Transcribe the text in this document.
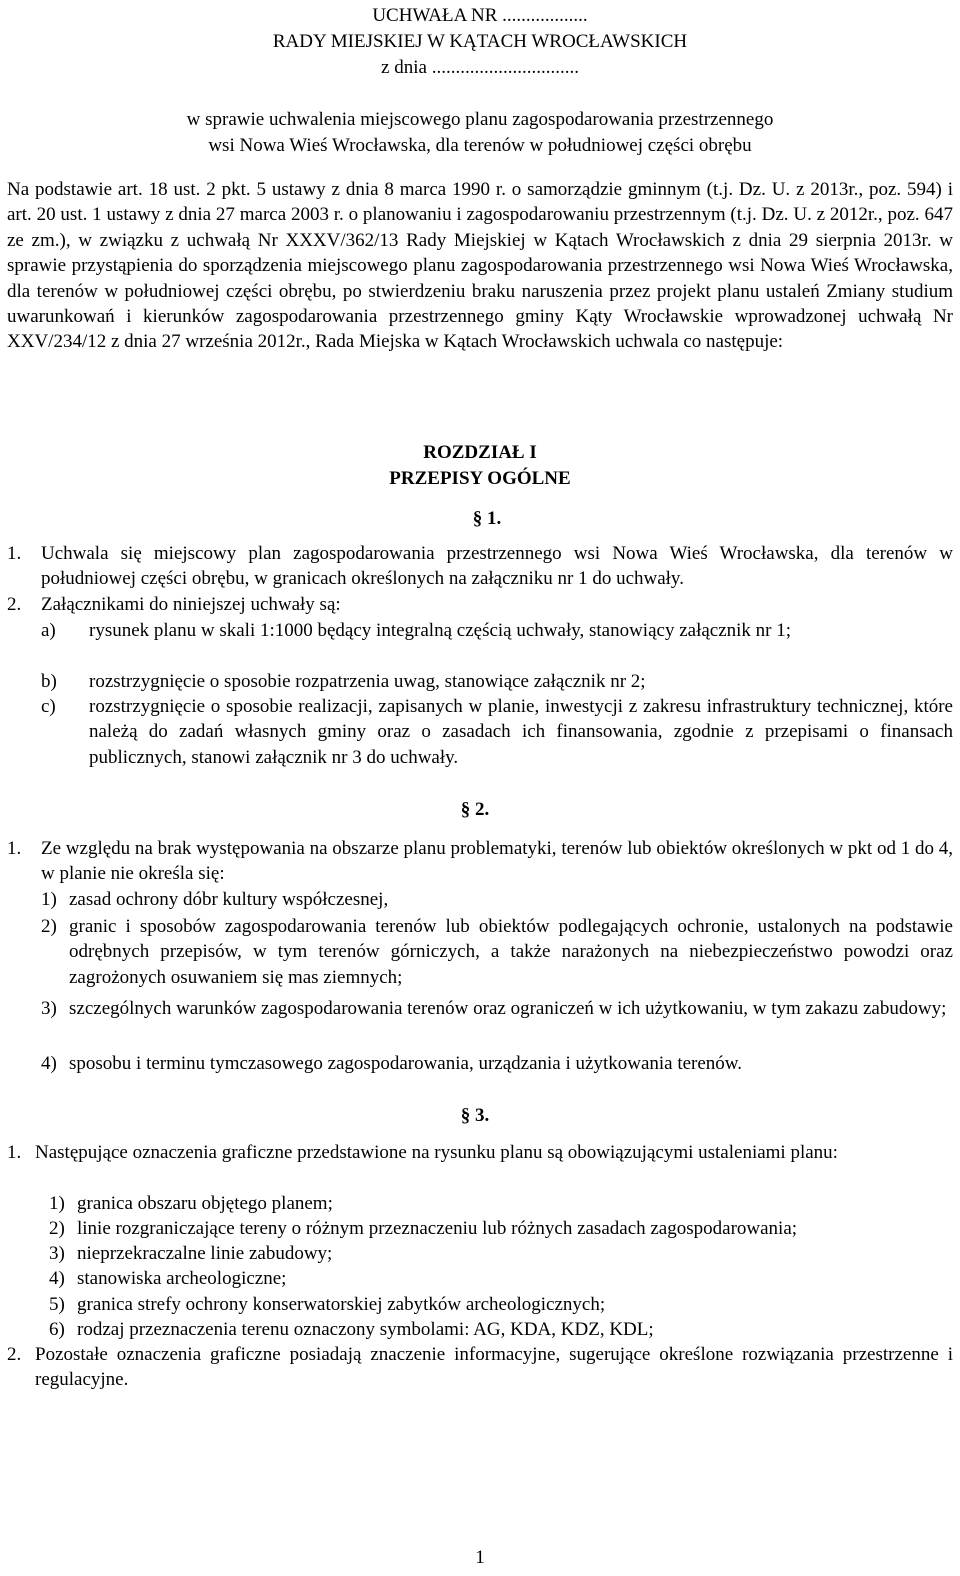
UCHWAŁA NR ..................
RADY MIEJSKIEJ W KĄTACH WROCŁAWSKICH
z dnia ...............................
w sprawie uchwalenia miejscowego planu zagospodarowania przestrzennego
wsi Nowa Wieś Wrocławska, dla terenów w południowej części obrębu
Na podstawie art. 18 ust. 2 pkt. 5 ustawy z dnia 8 marca 1990 r. o samorządzie gminnym (t.j. Dz. U. z 2013r., poz. 594) i art. 20 ust. 1 ustawy z dnia 27 marca 2003 r. o planowaniu i zagospodarowaniu przestrzennym (t.j. Dz. U. z 2012r., poz. 647 ze zm.), w związku z uchwałą Nr XXXV/362/13 Rady Miejskiej w Kątach Wrocławskich z dnia 29 sierpnia 2013r. w sprawie przystąpienia do sporządzenia miejscowego planu zagospodarowania przestrzennego wsi Nowa Wieś Wrocławska, dla terenów w południowej części obrębu, po stwierdzeniu braku naruszenia przez projekt planu ustaleń Zmiany studium uwarunkowań i kierunków zagospodarowania przestrzennego gminy Kąty Wrocławskie wprowadzonej uchwałą Nr XXV/234/12 z dnia 27 września 2012r., Rada Miejska w Kątach Wrocławskich uchwala co następuje:
ROZDZIAŁ I
PRZEPISY OGÓLNE
§ 1.
1.	Uchwala się miejscowy plan zagospodarowania przestrzennego wsi Nowa Wieś Wrocławska, dla terenów w południowej części obrębu, w granicach określonych na załączniku nr 1 do uchwały.
2.	Załącznikami do niniejszej uchwały są:
a)	rysunek planu w skali 1:1000 będący integralną częścią uchwały, stanowiący załącznik nr 1;
b)	rozstrzygnięcie o sposobie rozpatrzenia uwag, stanowiące załącznik nr 2;
c)	rozstrzygnięcie o sposobie realizacji, zapisanych w planie, inwestycji z zakresu infrastruktury technicznej, które należą do zadań własnych gminy oraz o zasadach ich finansowania, zgodnie z przepisami o finansach publicznych, stanowi załącznik nr 3 do uchwały.
§ 2.
1.	Ze względu na brak występowania na obszarze planu problematyki, terenów lub obiektów określonych w pkt od 1 do 4, w planie nie określa się:
1) zasad ochrony dóbr kultury współczesnej,
2) granic i sposobów zagospodarowania terenów lub obiektów podlegających ochronie, ustalonych na podstawie odrębnych przepisów, w tym terenów górniczych, a także narażonych na niebezpieczeństwo powodzi oraz zagrożonych osuwaniem się mas ziemnych;
3) szczególnych warunków zagospodarowania terenów oraz ograniczeń w ich użytkowaniu, w tym zakazu zabudowy;
4) sposobu i terminu tymczasowego zagospodarowania, urządzania i użytkowania terenów.
§ 3.
1. Następujące oznaczenia graficzne przedstawione na rysunku planu są obowiązującymi ustaleniami planu:
1) granica obszaru objętego planem;
2) linie rozgraniczające tereny o różnym przeznaczeniu lub różnych zasadach zagospodarowania;
3) nieprzekraczalne linie zabudowy;
4) stanowiska archeologiczne;
5) granica strefy ochrony konserwatorskiej zabytków archeologicznych;
6) rodzaj przeznaczenia terenu oznaczony symbolami: AG, KDA, KDZ, KDL;
2. Pozostałe oznaczenia graficzne posiadają znaczenie informacyjne, sugerujące określone rozwiązania przestrzenne i regulacyjne.
1
